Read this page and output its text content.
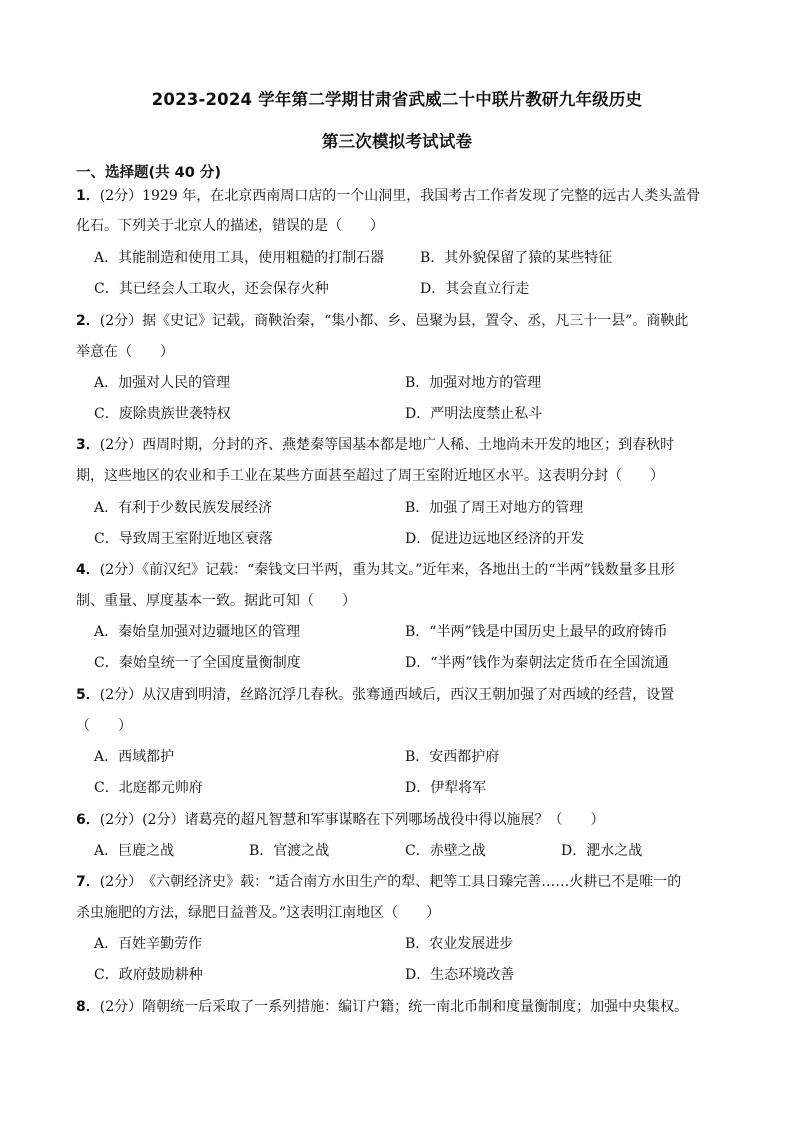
2023-2024 学年第二学期甘肃省武威二十中联片教研九年级历史
第三次模拟考试试卷
一、选择题(共 40 分)
1．(2分）1929 年，在北京西南周口店的一个山洞里，我国考古工作者发现了完整的远古人类头盖骨
化石。下列关于北京人的描述，错误的是（　　）
A．其能制造和使用工具，使用粗糙的打制石器	B．其外貌保留了猿的某些特征
C．其已经会人工取火，还会保存火种	D．其会直立行走
2．(2分）据《史记》记载，商鞅治秦，“集小都、乡、邑聚为县，置令、丞，凡三十一县”。商鞅此
举意在（　　）
A．加强对人民的管理	B．加强对地方的管理
C．废除贵族世袭特权	D．严明法度禁止私斗
3．(2分）西周时期，分封的齐、燕楚秦等国基本都是地广人稀、土地尚未开发的地区；到春秋时
期，这些地区的农业和手工业在某些方面甚至超过了周王室附近地区水平。这表明分封（　　）
A．有利于少数民族发展经济	B．加强了周王对地方的管理
C．导致周王室附近地区衰落	D．促进边远地区经济的开发
4．(2分）《前汉纪》记载：“秦钱文曰半两，重为其文。”近年来，各地出土的“半两”钱数量多且形
制、重量、厚度基本一致。据此可知（　　）
A．秦始皇加强对边疆地区的管理	B．“半两”钱是中国历史上最早的政府铸币
C．秦始皇统一了全国度量衡制度	D．“半两”钱作为秦朝法定货币在全国流通
5．(2分）从汉唐到明清，丝路沉浮几春秋。张骞通西域后，西汉王朝加强了对西域的经营，设置
（　　）
A．西域都护	B．安西都护府
C．北庭都元帅府	D．伊犁将军
6．(2分）(2分）诸葛亮的超凡智慧和军事谋略在下列哪场战役中得以施展？（　　）
A．巨鹿之战	B．官渡之战	C．赤壁之战	D．淝水之战
7．(2分）　《六朝经济史》载：“适合南方水田生产的犁、耙等工具日臻完善……火耕已不是唯一的
杀虫施肥的方法，绿肥日益普及。”这表明江南地区（　　）
A．百姓辛勤劳作	B．农业发展进步
C．政府鼓励耕种	D．生态环境改善
8．(2分）隋朝统一后采取了一系列措施：编订户籍；统一南北币制和度量衡制度；加强中央集权。
